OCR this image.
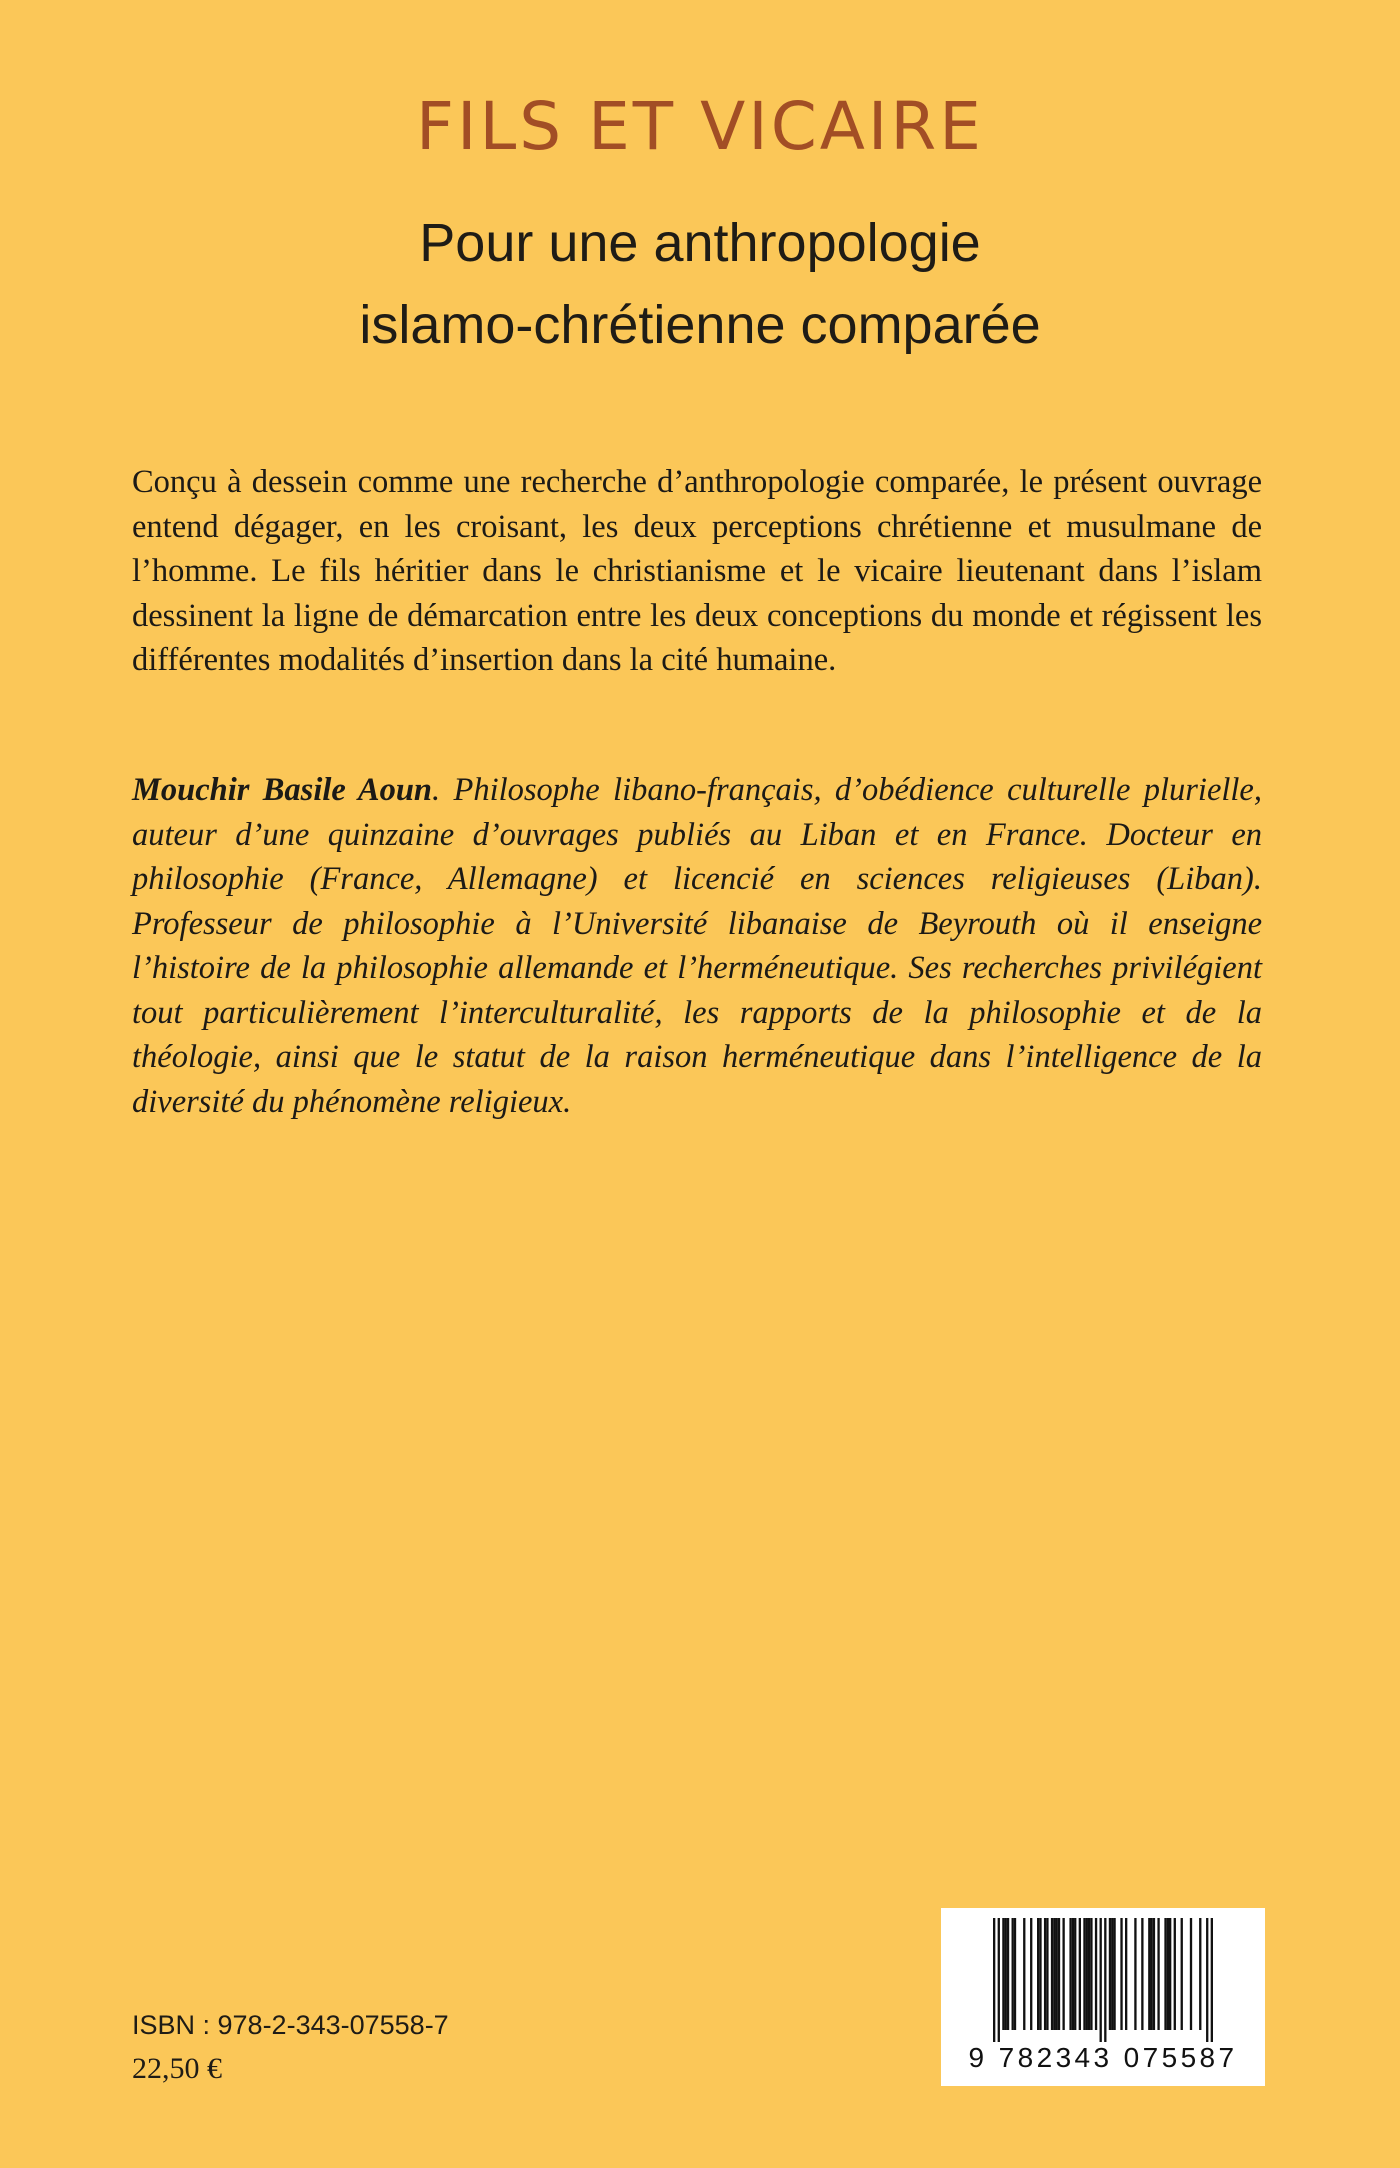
FILS ET VICAIRE
Pour une anthropologie
islamo-chrétienne comparée

Conçu à dessein comme une recherche d’anthropologie comparée, le présent ouvrage entend dégager, en les croisant, les deux perceptions chrétienne et musulmane de l’homme. Le fils héritier dans le christianisme et le vicaire lieutenant dans l’islam dessinent la ligne de démarcation entre les deux conceptions du monde et régissent les différentes modalités d’insertion dans la cité humaine.

Mouchir Basile Aoun. Philosophe libano-français, d’obédience culturelle plurielle, auteur d’une quinzaine d’ouvrages publiés au Liban et en France. Docteur en philosophie (France, Allemagne) et licencié en sciences religieuses (Liban). Professeur de philosophie à l’Université libanaise de Beyrouth où il enseigne l’histoire de la philosophie allemande et l’herméneutique. Ses recherches privilégient tout particulièrement l’interculturalité, les rapports de la philosophie et de la théologie, ainsi que le statut de la raison herméneutique dans l’intelligence de la diversité du phénomène religieux.

ISBN : 978-2-343-07558-7
22,50 €	9 782343 075587
